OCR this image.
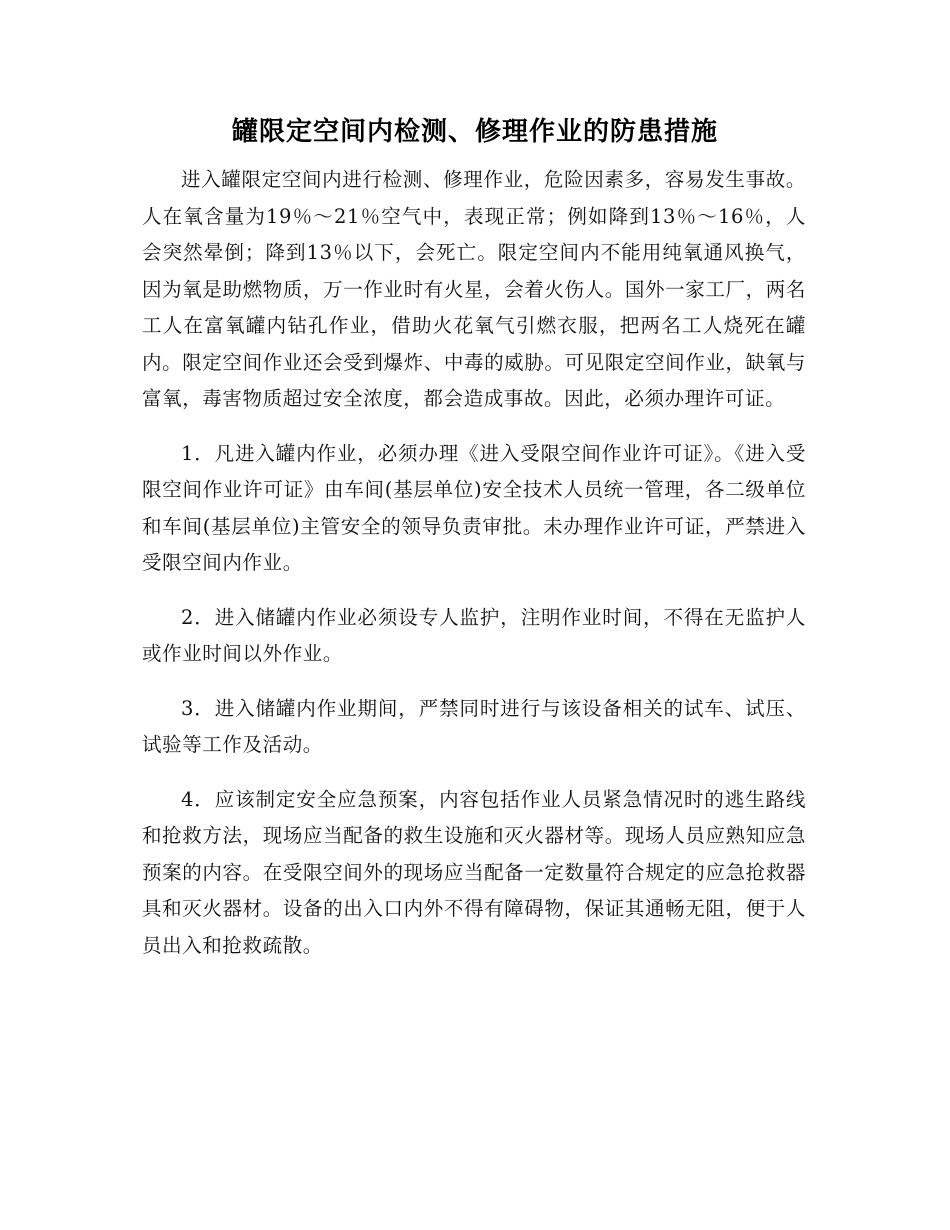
罐限定空间内检测、修理作业的防患措施

进入罐限定空间内进行检测、修理作业，危险因素多，容易发生事故。人在氧含量为19％～21％空气中，表现正常；例如降到13％～16％，人会突然晕倒；降到13％以下，会死亡。限定空间内不能用纯氧通风换气，因为氧是助燃物质，万一作业时有火星，会着火伤人。国外一家工厂，两名工人在富氧罐内钻孔作业，借助火花氧气引燃衣服，把两名工人烧死在罐内。限定空间作业还会受到爆炸、中毒的威胁。可见限定空间作业，缺氧与富氧，毒害物质超过安全浓度，都会造成事故。因此，必须办理许可证。

1．凡进入罐内作业，必须办理《进入受限空间作业许可证》。《进入受限空间作业许可证》由车间(基层单位)安全技术人员统一管理，各二级单位和车间(基层单位)主管安全的领导负责审批。未办理作业许可证，严禁进入受限空间内作业。

2．进入储罐内作业必须设专人监护，注明作业时间，不得在无监护人或作业时间以外作业。

3．进入储罐内作业期间，严禁同时进行与该设备相关的试车、试压、试验等工作及活动。

4．应该制定安全应急预案，内容包括作业人员紧急情况时的逃生路线和抢救方法，现场应当配备的救生设施和灭火器材等。现场人员应熟知应急预案的内容。在受限空间外的现场应当配备一定数量符合规定的应急抢救器具和灭火器材。设备的出入口内外不得有障碍物，保证其通畅无阻，便于人员出入和抢救疏散。
